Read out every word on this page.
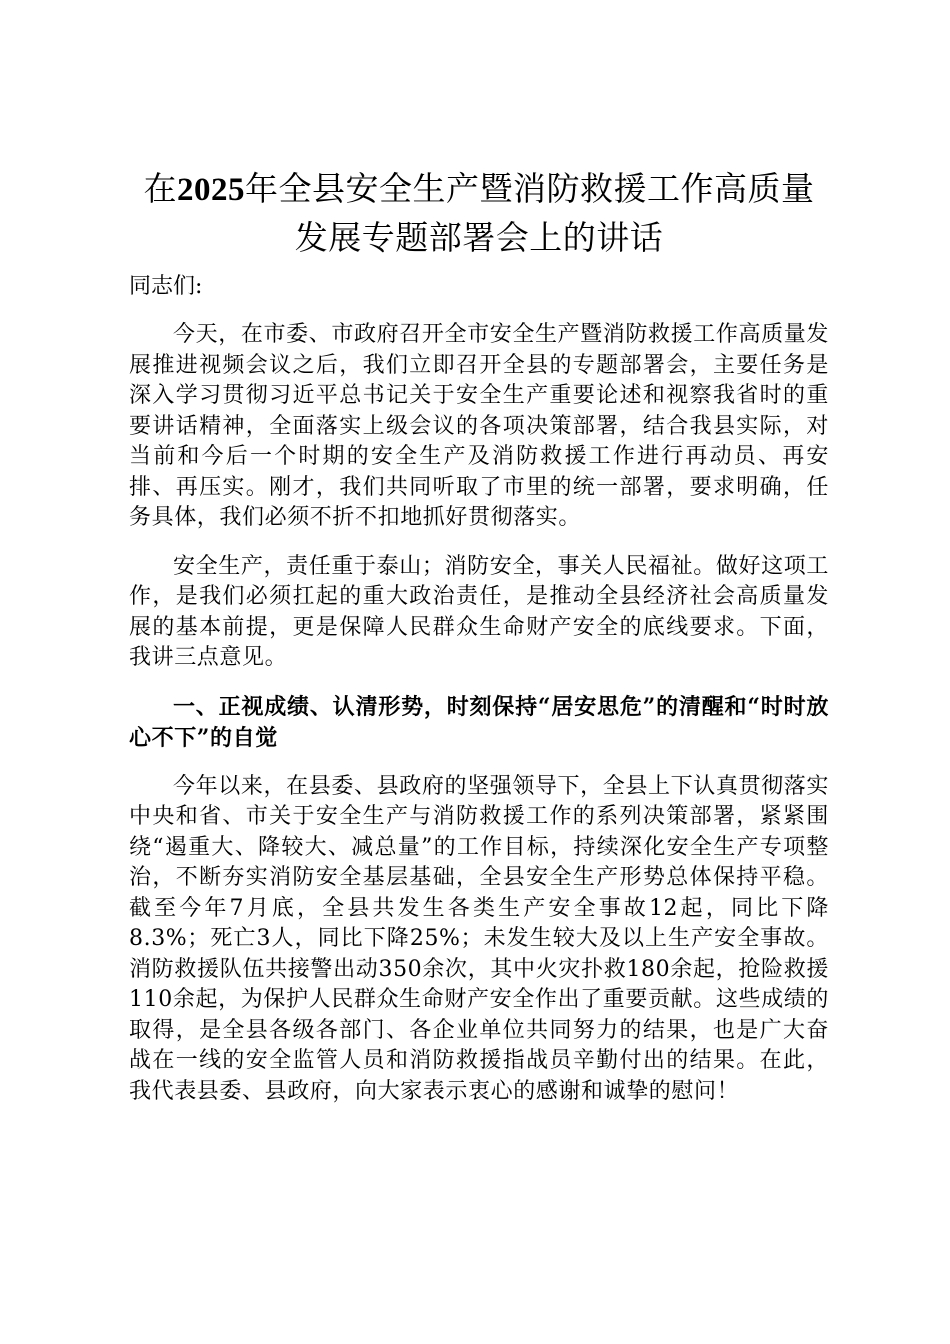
在2025年全县安全生产暨消防救援工作高质量发展专题部署会上的讲话

同志们:

今天，在市委、市政府召开全市安全生产暨消防救援工作高质量发展推进视频会议之后，我们立即召开全县的专题部署会，主要任务是深入学习贯彻习近平总书记关于安全生产重要论述和视察我省时的重要讲话精神，全面落实上级会议的各项决策部署，结合我县实际，对当前和今后一个时期的安全生产及消防救援工作进行再动员、再安排、再压实。刚才，我们共同听取了市里的统一部署，要求明确，任务具体，我们必须不折不扣地抓好贯彻落实。

安全生产，责任重于泰山；消防安全，事关人民福祉。做好这项工作，是我们必须扛起的重大政治责任，是推动全县经济社会高质量发展的基本前提，更是保障人民群众生命财产安全的底线要求。下面，我讲三点意见。

一、正视成绩、认清形势，时刻保持“居安思危”的清醒和“时时放心不下”的自觉

今年以来，在县委、县政府的坚强领导下，全县上下认真贯彻落实中央和省、市关于安全生产与消防救援工作的系列决策部署，紧紧围绕“遏重大、降较大、减总量”的工作目标，持续深化安全生产专项整治，不断夯实消防安全基层基础，全县安全生产形势总体保持平稳。截至今年7月底，全县共发生各类生产安全事故12起，同比下降8.3%；死亡3人，同比下降25%；未发生较大及以上生产安全事故。消防救援队伍共接警出动350余次，其中火灾扑救180余起，抢险救援110余起，为保护人民群众生命财产安全作出了重要贡献。这些成绩的取得，是全县各级各部门、各企业单位共同努力的结果，也是广大奋战在一线的安全监管人员和消防救援指战员辛勤付出的结果。在此，我代表县委、县政府，向大家表示衷心的感谢和诚挚的慰问！
